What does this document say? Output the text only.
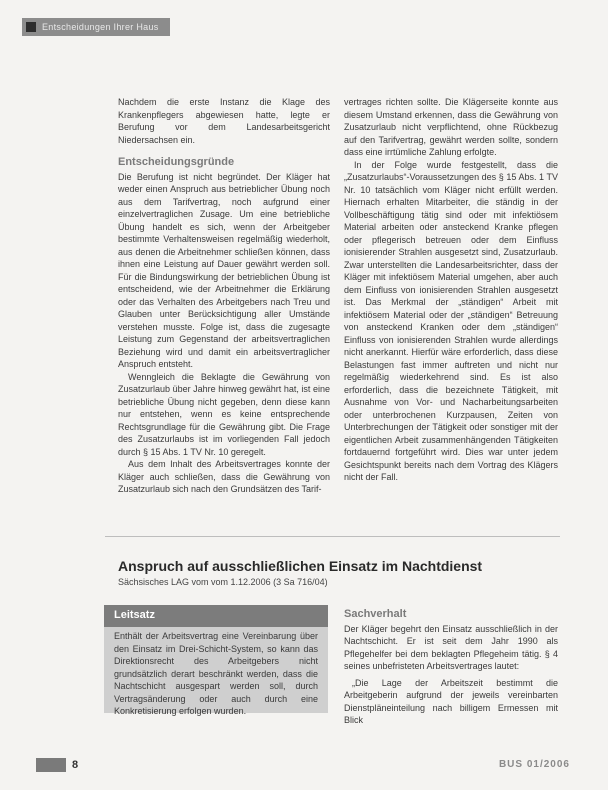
Entscheidungen Ihrer Haus

Nachdem die erste Instanz die Klage des Krankenpflegers abgewiesen hatte, legte er Berufung vor dem Landesarbeitsgericht Niedersachsen ein.

Entscheidungsgründe

Die Berufung ist nicht begründet. Der Kläger hat weder einen Anspruch aus betrieblicher Übung noch aus dem Tarifvertrag, noch aufgrund einer einzelvertraglichen Zusage. Um eine betriebliche Übung handelt es sich, wenn der Arbeitgeber bestimmte Verhaltensweisen regelmäßig wiederholt, aus denen die Arbeitnehmer schließen können, dass ihnen eine Leistung auf Dauer gewährt werden soll. Für die Bindungswirkung der betrieblichen Übung ist entscheidend, wie der Arbeitnehmer die Erklärung oder das Verhalten des Arbeitgebers nach Treu und Glauben unter Berücksichtigung aller Umstände verstehen musste. Folge ist, dass die zugesagte Leistung zum Gegenstand der arbeitsvertraglichen Beziehung wird und damit ein arbeitsvertraglicher Anspruch entsteht.

Wenngleich die Beklagte die Gewährung von Zusatzurlaub über Jahre hinweg gewährt hat, ist eine betriebliche Übung nicht gegeben, denn diese kann nur entstehen, wenn es keine entsprechende Rechtsgrundlage für die Gewährung gibt. Die Frage des Zusatzurlaubs ist im vorliegenden Fall jedoch durch § 15 Abs. 1 TV Nr. 10 geregelt.

Aus dem Inhalt des Arbeitsvertrages konnte der Kläger auch schließen, dass die Gewährung von Zusatzurlaub sich nach den Grundsätzen des Tarif-

vertrages richten sollte. Die Klägerseite konnte aus diesem Umstand erkennen, dass die Gewährung von Zusatzurlaub nicht verpflichtend, ohne Rückbezug auf den Tarifvertrag, gewährt werden sollte, sondern dass eine irrtümliche Zahlung erfolgte.

In der Folge wurde festgestellt, dass die „Zusatzurlaubs“-Voraussetzungen des § 15 Abs. 1 TV Nr. 10 tatsächlich vom Kläger nicht erfüllt werden. Hiernach erhalten Mitarbeiter, die ständig in der Vollbeschäftigung tätig sind oder mit infektiösem Material arbeiten oder ansteckend Kranke pflegen oder pflegerisch betreuen oder dem Einfluss ionisierender Strahlen ausgesetzt sind, Zusatzurlaub. Zwar unterstellten die Landesarbeitsrichter, dass der Kläger mit infektiösem Material umgehen, aber auch dem Einfluss von ionisierenden Strahlen ausgesetzt ist. Das Merkmal der „ständigen“ Arbeit mit infektiösem Material oder der „ständigen“ Betreuung von ansteckend Kranken oder dem „ständigen“ Einfluss von ionisierenden Strahlen wurde allerdings nicht anerkannt. Hierfür wäre erforderlich, dass diese Belastungen fast immer auftreten und nicht nur regelmäßig wiederkehrend sind. Es ist also erforderlich, dass die bezeichnete Tätigkeit, mit Ausnahme von Vor- und Nacharbeitungsarbeiten oder unterbrochenen Kurzpausen, Zeiten von Unterbrechungen der Tätigkeit oder sonstiger mit der eigentlichen Arbeit zusammenhängenden Tätigkeiten fortdauernd fortgeführt wird. Dies war unter jedem Gesichtspunkt bereits nach dem Vortrag des Klägers nicht der Fall.

Anspruch auf ausschließlichen Einsatz im Nachtdienst
Sächsisches LAG vom vom 1.12.2006 (3 Sa 716/04)
Leitsatz

Enthält der Arbeitsvertrag eine Vereinbarung über den Einsatz im Drei-Schicht-System, so kann das Direktionsrecht des Arbeitgebers nicht grundsätzlich derart beschränkt werden, dass die Nachtschicht ausgespart werden soll, durch Vertragsänderung oder auch durch eine Konkretisierung erfolgen wurden.

Sachverhalt

Der Kläger begehrt den Einsatz ausschließlich in der Nachtschicht. Er ist seit dem Jahr 1990 als Pflegehelfer bei dem beklagten Pflegeheim tätig. § 4 seines unbefristeten Arbeitsvertrages lautet:

„Die Lage der Arbeitszeit bestimmt die Arbeitgeberin aufgrund der jeweils vereinbarten Dienstpläneinteilung nach billigem Ermessen mit Blick

8	BUS 01/2006
